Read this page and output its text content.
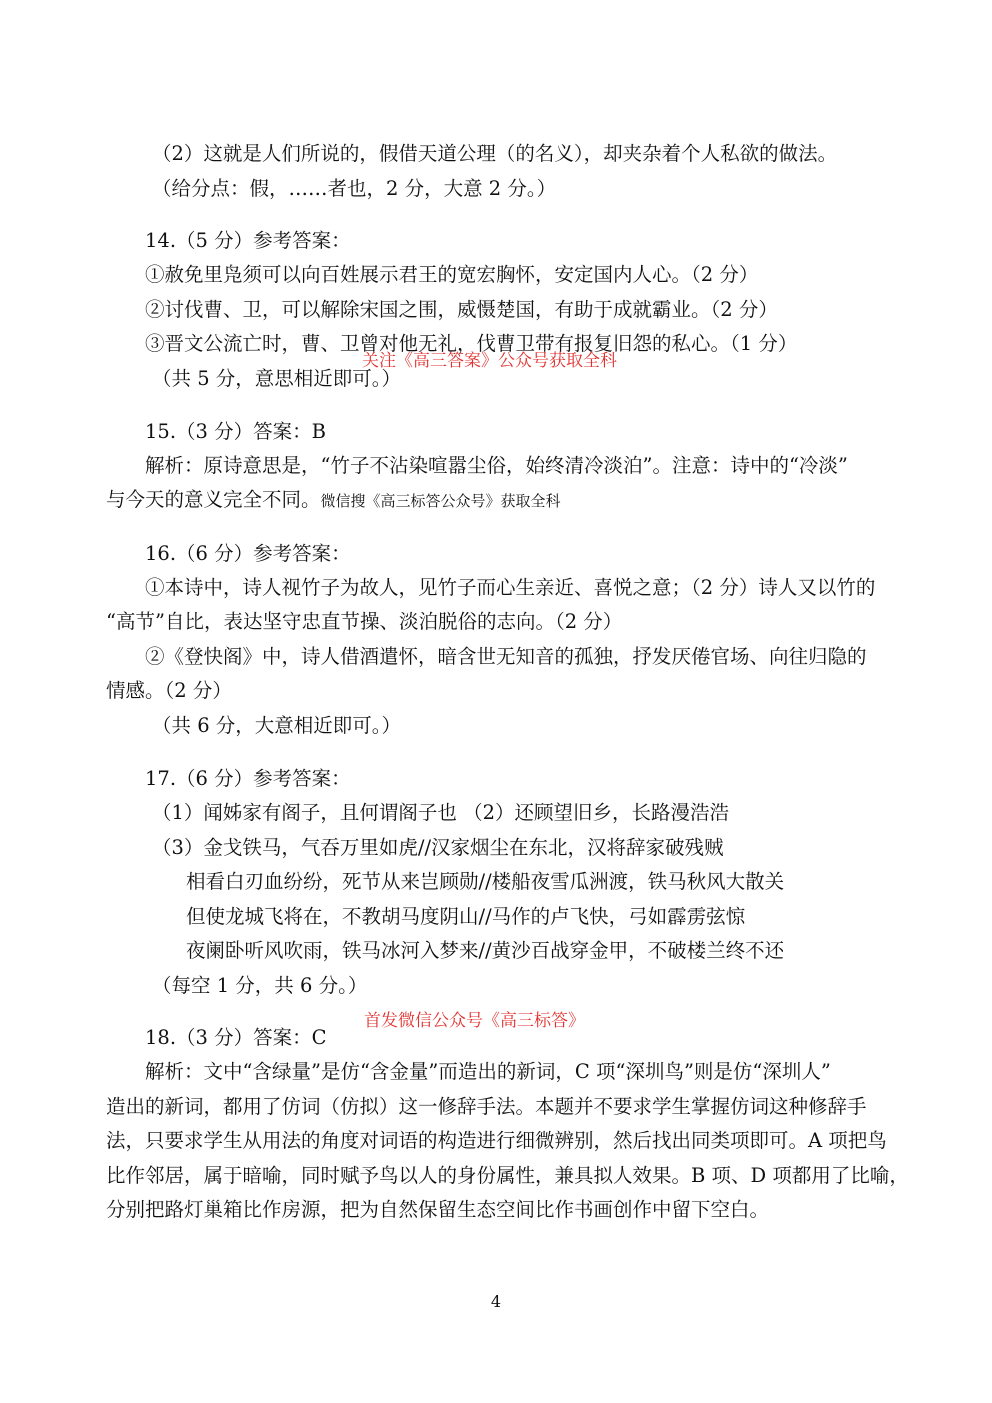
（2）这就是人们所说的，假借天道公理（的名义），却夹杂着个人私欲的做法。
（给分点：假，……者也，2 分，大意 2 分。）
14.（5 分）参考答案：
①赦免里凫须可以向百姓展示君王的宽宏胸怀，安定国内人心。（2 分）
②讨伐曹、卫，可以解除宋国之围，威慑楚国，有助于成就霸业。（2 分）
③晋文公流亡时，曹、卫曾对他无礼，伐曹卫带有报复旧怨的私心。（1 分）
关注《高三答案》公众号获取全科
（共 5 分，意思相近即可。）
15.（3 分）答案：B
解析：原诗意思是，“竹子不沾染喧嚣尘俗，始终清冷淡泊”。注意：诗中的“冷淡”
与今天的意义完全不同。微信搜《高三标答公众号》获取全科
16.（6 分）参考答案：
①本诗中，诗人视竹子为故人，见竹子而心生亲近、喜悦之意；（2 分）诗人又以竹的
“高节”自比，表达坚守忠直节操、淡泊脱俗的志向。（2 分）
②《登快阁》中，诗人借酒遣怀，暗含世无知音的孤独，抒发厌倦官场、向往归隐的
情感。（2 分）
（共 6 分，大意相近即可。）
17.（6 分）参考答案：
（1）闻姊家有阁子，且何谓阁子也 （2）还顾望旧乡，长路漫浩浩
（3）金戈铁马，气吞万里如虎//汉家烟尘在东北，汉将辞家破残贼
相看白刃血纷纷，死节从来岂顾勋//楼船夜雪瓜洲渡，铁马秋风大散关
但使龙城飞将在，不教胡马度阴山//马作的卢飞快，弓如霹雳弦惊
夜阑卧听风吹雨，铁马冰河入梦来//黄沙百战穿金甲，不破楼兰终不还
（每空 1 分，共 6 分。）
首发微信公众号《高三标答》
18.（3 分）答案：C
解析：文中“含绿量”是仿“含金量”而造出的新词，C 项“深圳鸟”则是仿“深圳人”
造出的新词，都用了仿词（仿拟）这一修辞手法。本题并不要求学生掌握仿词这种修辞手
法，只要求学生从用法的角度对词语的构造进行细微辨别，然后找出同类项即可。A 项把鸟
比作邻居，属于暗喻，同时赋予鸟以人的身份属性，兼具拟人效果。B 项、D 项都用了比喻，
分别把路灯巢箱比作房源，把为自然保留生态空间比作书画创作中留下空白。
4
